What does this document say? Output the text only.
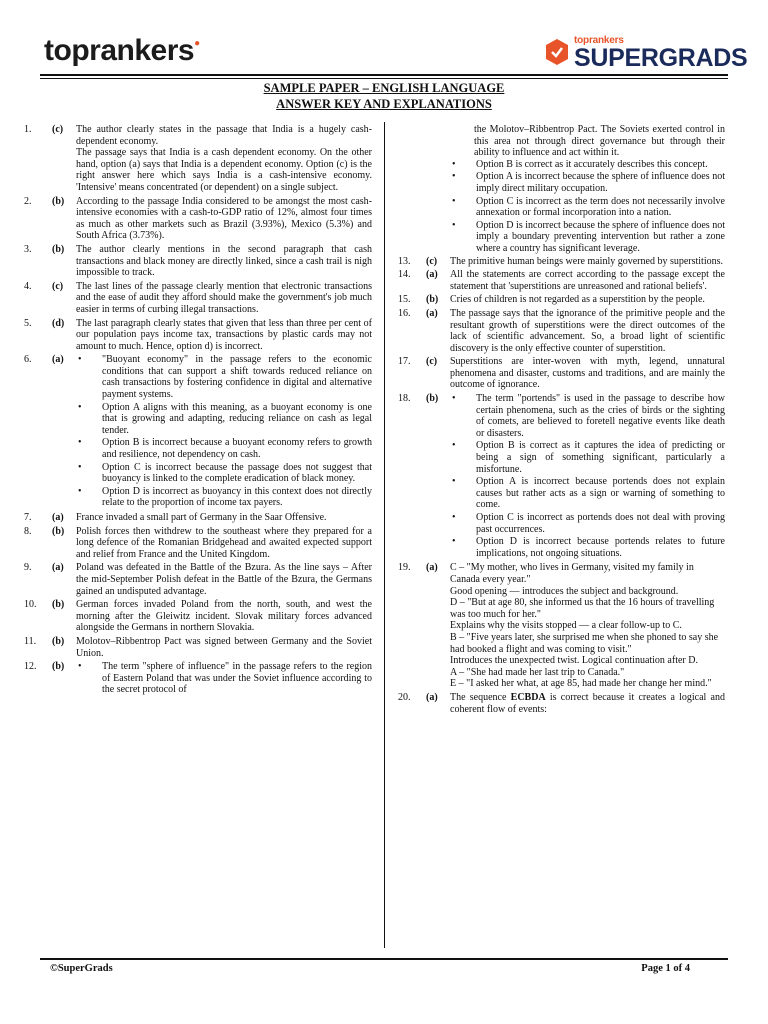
toprankers●	toprankers
SUPERGRADS
SAMPLE PAPER – ENGLISH LANGUAGE
ANSWER KEY AND EXPLANATIONS
1.	(c)	The author clearly states in the passage that India is a hugely cash-dependent economy.

The passage says that India is a cash dependent economy. On the other hand, option (a) says that India is a dependent economy. Option (c) is the right answer here which says India is a cash-intensive economy. 'Intensive' means concentrated (or dependent) on a single subject.

2.	(b)	According to the passage India considered to be amongst the most cash-intensive economies with a cash-to-GDP ratio of 12%, almost four times as much as other markets such as Brazil (3.93%), Mexico (5.3%) and South Africa (3.73%).
3.	(b)	The author clearly mentions in the second paragraph that cash transactions and black money are directly linked, since a cash trail is nigh impossible to track.
4.	(c)	The last lines of the passage clearly mention that electronic transactions and the ease of audit they afford should make the government's job much easier in terms of curbing illegal transactions.
5.	(d)	The last paragraph clearly states that given that less than three per cent of our population pays income tax, transactions by plastic cards may not amount to much. Hence, option d) is incorrect.
6.	(a)	•	"Buoyant economy" in the passage refers to the economic conditions that can support a shift towards reduced reliance on cash transactions by fostering confidence in digital and alternative payment systems.
•	Option A aligns with this meaning, as a buoyant economy is one that is growing and adapting, reducing reliance on cash as legal tender.
•	Option B is incorrect because a buoyant economy refers to growth and resilience, not dependency on cash.
•	Option C is incorrect because the passage does not suggest that buoyancy is linked to the complete eradication of black money.
•	Option D is incorrect as buoyancy in this context does not directly relate to the proportion of income tax payers.
7.	(a)	France invaded a small part of Germany in the Saar Offensive.
8.	(b)	Polish forces then withdrew to the southeast where they prepared for a long defence of the Romanian Bridgehead and awaited expected support and relief from France and the United Kingdom.
9.	(a)	Poland was defeated in the Battle of the Bzura. As the line says – After the mid-September Polish defeat in the Battle of the Bzura, the Germans gained an undisputed advantage.
10.	(b)	German forces invaded Poland from the north, south, and west the morning after the Gleiwitz incident. Slovak military forces advanced alongside the Germans in northern Slovakia.
11.	(b)	Molotov–Ribbentrop Pact was signed between Germany and the Soviet Union.
12.	(b)	•	The term "sphere of influence" in the passage refers to the region of Eastern Poland that was under the Soviet influence according to the secret protocol of
the Molotov–Ribbentrop Pact. The Soviets exerted control in this area not through direct governance but through their ability to influence and act within it.
•	Option B is correct as it accurately describes this concept.
•	Option A is incorrect because the sphere of influence does not imply direct military occupation.
•	Option C is incorrect as the term does not necessarily involve annexation or formal incorporation into a nation.
•	Option D is incorrect because the sphere of influence does not imply a boundary preventing intervention but rather a zone where a country has significant leverage.
13.	(c)	The primitive human beings were mainly governed by superstitions.
14.	(a)	All the statements are correct according to the passage except the statement that 'superstitions are unreasoned and rational beliefs'.
15.	(b)	Cries of children is not regarded as a superstition by the people.
16.	(a)	The passage says that the ignorance of the primitive people and the resultant growth of superstitions were the direct outcomes of the lack of scientific advancement. So, a broad light of scientific discovery is the only effective counter of superstition.
17.	(c)	Superstitions are inter-woven with myth, legend, unnatural phenomena and disaster, customs and traditions, and are mainly the outcome of ignorance.
18.	(b)	•	The term "portends" is used in the passage to describe how certain phenomena, such as the cries of birds or the sighting of comets, are believed to foretell negative events like death or disasters.
•	Option B is correct as it captures the idea of predicting or being a sign of something significant, particularly a misfortune.
•	Option A is incorrect because portends does not explain causes but rather acts as a sign or warning of something to come.
•	Option C is incorrect as portends does not deal with proving past occurrences.
•	Option D is incorrect because portends relates to future implications, not ongoing situations.
19.	(a)	C – "My mother, who lives in Germany, visited my family in Canada every year."

Good opening — introduces the subject and background.

D – "But at age 80, she informed us that the 16 hours of travelling was too much for her."

Explains why the visits stopped — a clear follow-up to C.

B – "Five years later, she surprised me when she phoned to say she had booked a flight and was coming to visit."

Introduces the unexpected twist. Logical continuation after D.

A – "She had made her last trip to Canada."

E – "I asked her what, at age 85, had made her change her mind."

20.	(a)	The sequence ECBDA is correct because it creates a logical and coherent flow of events:
©SuperGrads	Page 1 of 4
